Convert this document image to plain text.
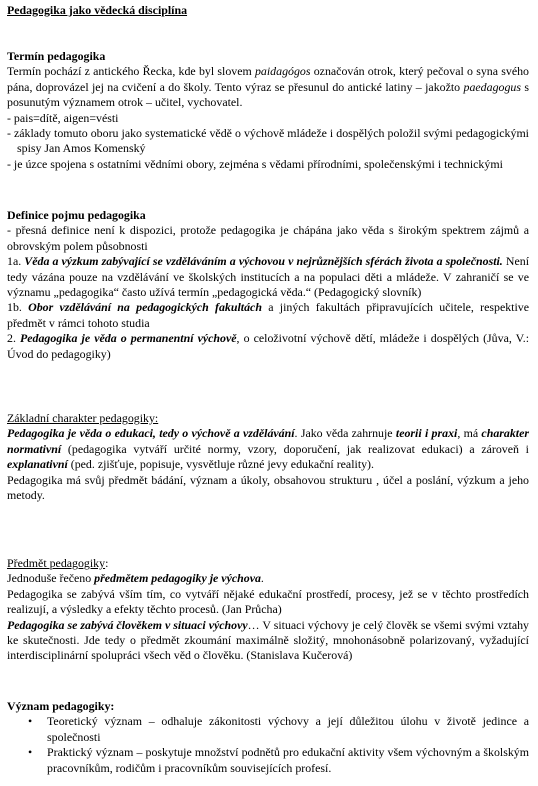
Pedagogika jako vědecká disciplína
Termín pedagogika

Termín pochází z antického Řecka, kde byl slovem paidagógos označován otrok, který pečoval o syna svého pána, doprovázel jej na cvičení a do školy. Tento výraz se přesunul do antické latiny – jakožto paedagogus s posunutým významem otrok – učitel, vychovatel.

- pais=dítě, aigen=vésti

- základy tomuto oboru jako systematické vědě o výchově mládeže i dospělých položil svými pedagogickými spisy Jan Amos Komenský

- je úzce spojena s ostatními vědními obory, zejména s vědami přírodními, společenskými i technickými

Definice pojmu pedagogika

- přesná definice není k dispozici, protože pedagogika je chápána jako věda s širokým spektrem zájmů a obrovským polem působnosti

1a. Věda a výzkum zabývající se vzděláváním a výchovou v nejrůznějších sférách života a společnosti. Není tedy vázána pouze na vzdělávání ve školských institucích a na populaci děti a mládeže. V zahraničí se ve významu „pedagogika“ často užívá termín „pedagogická věda.“ (Pedagogický slovník)

1b. Obor vzdělávání na pedagogických fakultách a jiných fakultách připravujících učitele, respektive předmět v rámci tohoto studia

2. Pedagogika je věda o permanentní výchově, o celoživotní výchově dětí, mládeže i dospělých (Jůva, V.: Úvod do pedagogiky)

Základní charakter pedagogiky:

Pedagogika je věda o edukaci, tedy o výchově a vzdělávání. Jako věda zahrnuje teorii i praxi, má charakter normativní (pedagogika vytváří určité normy, vzory, doporučení, jak realizovat edukaci) a zároveň i explanativní (ped. zjišťuje, popisuje, vysvětluje různé jevy edukační reality).

Pedagogika má svůj předmět bádání, význam a úkoly, obsahovou strukturu , účel a poslání, výzkum a jeho metody.

Předmět pedagogiky:

Jednoduše řečeno předmětem pedagogiky je výchova.

Pedagogika se zabývá vším tím, co vytváří nějaké edukační prostředí, procesy, jež se v těchto prostředích realizují, a výsledky a efekty těchto procesů. (Jan Průcha)

Pedagogika se zabývá člověkem v situaci výchovy… V situaci výchovy je celý člověk se všemi svými vztahy ke skutečnosti. Jde tedy o předmět zkoumání maximálně složitý, mnohonásobně polarizovaný, vyžadující interdisciplinární spolupráci všech věd o člověku. (Stanislava Kučerová)

Význam pedagogiky:
•	Teoretický význam – odhaluje zákonitosti výchovy a její důležitou úlohu v životě jedince a společnosti
•	Praktický význam – poskytuje množství podnětů pro edukační aktivity všem výchovným a školským pracovníkům, rodičům i pracovníkům souvisejících profesí.
